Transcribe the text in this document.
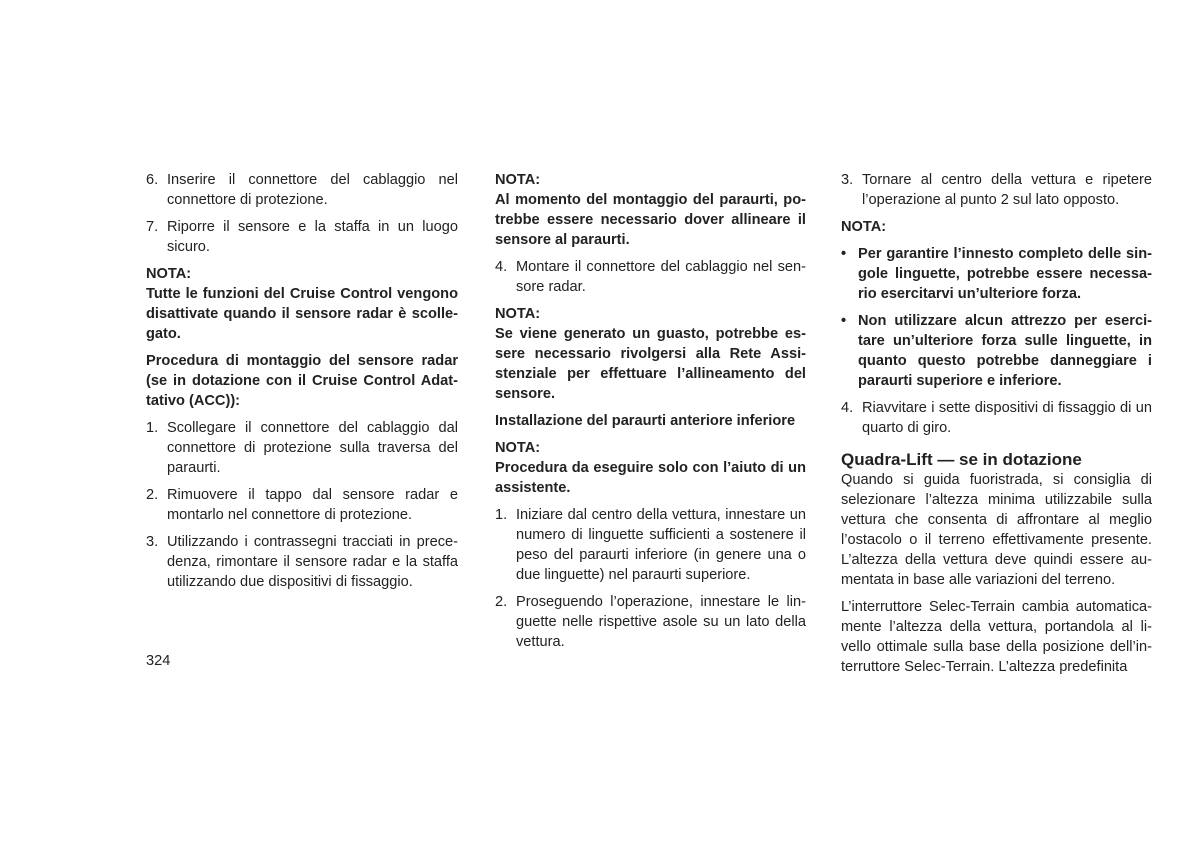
6. Inserire il connettore del cablaggio nel connettore di protezione.
7. Riporre il sensore e la staffa in un luogo sicuro.
NOTA:
Tutte le funzioni del Cruise Control vengono disattivate quando il sensore radar è scolle-gato.

Procedura di montaggio del sensore radar (se in dotazione con il Cruise Control Adat-tativo (ACC)):

1. Scollegare il connettore del cablaggio dal connettore di protezione sulla traversa del paraurti.
2. Rimuovere il tappo dal sensore radar e montarlo nel connettore di protezione.
3. Utilizzando i contrassegni tracciati in prece-denza, rimontare il sensore radar e la staffa utilizzando due dispositivi di fissaggio.
NOTA:
Al momento del montaggio del paraurti, po-trebbe essere necessario dover allineare il sensore al paraurti.
4. Montare il connettore del cablaggio nel sen-sore radar.
NOTA:
Se viene generato un guasto, potrebbe es-sere necessario rivolgersi alla Rete Assi-stenziale per effettuare l’allineamento del sensore.

Installazione del paraurti anteriore inferiore

NOTA:
Procedura da eseguire solo con l’aiuto di un assistente.
1. Iniziare dal centro della vettura, innestare un numero di linguette sufficienti a sostenere il peso del paraurti inferiore (in genere una o due linguette) nel paraurti superiore.
2. Proseguendo l’operazione, innestare le lin-guette nelle rispettive asole su un lato della vettura.
3. Tornare al centro della vettura e ripetere l’operazione al punto 2 sul lato opposto.
NOTA:
• Per garantire l’innesto completo delle sin-gole linguette, potrebbe essere necessa-rio esercitarvi un’ulteriore forza.
• Non utilizzare alcun attrezzo per eserci-tare un’ulteriore forza sulle linguette, in quanto questo potrebbe danneggiare i paraurti superiore e inferiore.
4. Riavvitare i sette dispositivi di fissaggio di un quarto di giro.
Quadra-Lift — se in dotazione
Quando si guida fuoristrada, si consiglia di selezionare l’altezza minima utilizzabile sulla vettura che consenta di affrontare al meglio l’ostacolo o il terreno effettivamente presente. L’altezza della vettura deve quindi essere au-mentata in base alle variazioni del terreno.
L’interruttore Selec-Terrain cambia automatica-mente l’altezza della vettura, portandola al li-vello ottimale sulla base della posizione dell’in-terruttore Selec-Terrain. L’altezza predefinita
324
